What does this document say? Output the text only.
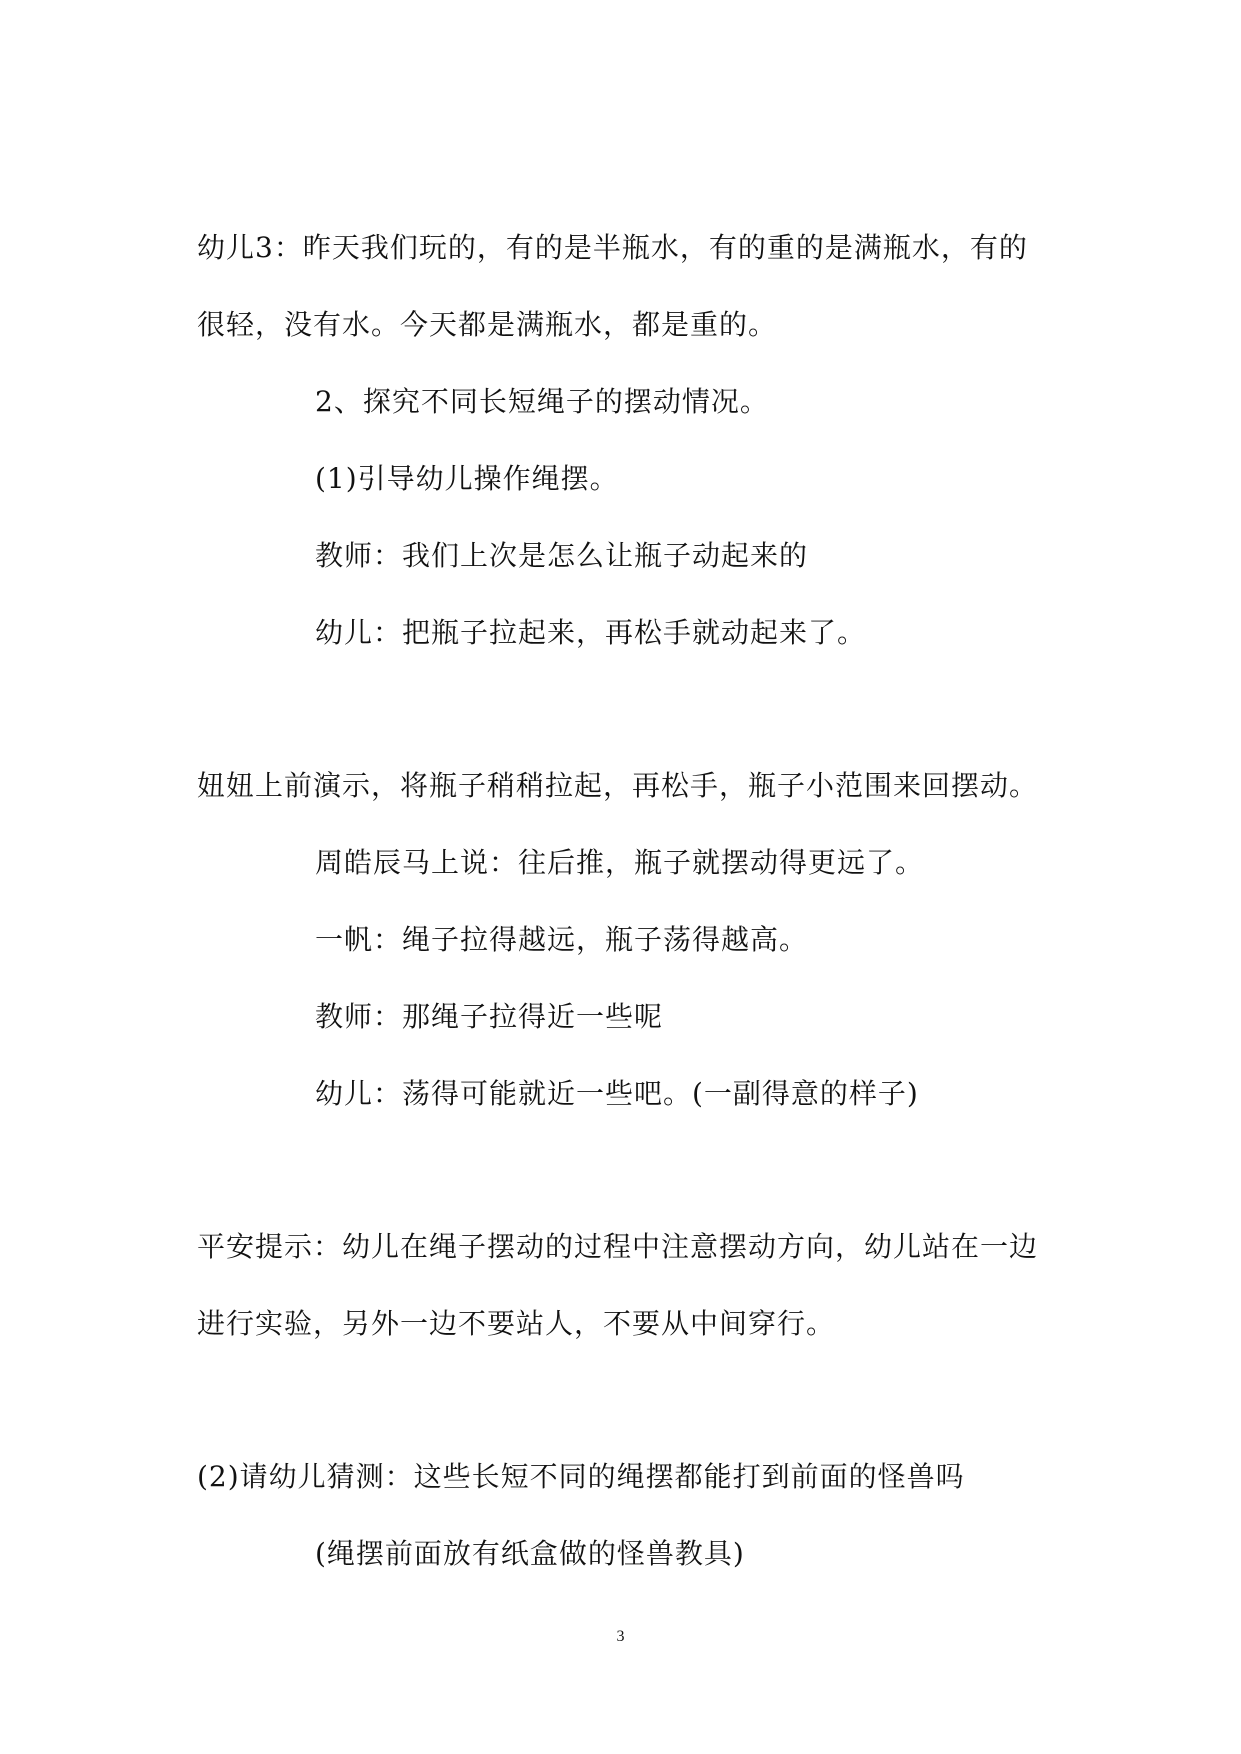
幼儿3：昨天我们玩的，有的是半瓶水，有的重的是满瓶水，有的
很轻，没有水。今天都是满瓶水，都是重的。
2、探究不同长短绳子的摆动情况。
(1)引导幼儿操作绳摆。
教师：我们上次是怎么让瓶子动起来的
幼儿：把瓶子拉起来，再松手就动起来了。
妞妞上前演示，将瓶子稍稍拉起，再松手，瓶子小范围来回摆动。
周皓辰马上说：往后推，瓶子就摆动得更远了。
一帆：绳子拉得越远，瓶子荡得越高。
教师：那绳子拉得近一些呢
幼儿：荡得可能就近一些吧。(一副得意的样子)
平安提示：幼儿在绳子摆动的过程中注意摆动方向，幼儿站在一边
进行实验，另外一边不要站人，不要从中间穿行。
(2)请幼儿猜测：这些长短不同的绳摆都能打到前面的怪兽吗
(绳摆前面放有纸盒做的怪兽教具)
3
